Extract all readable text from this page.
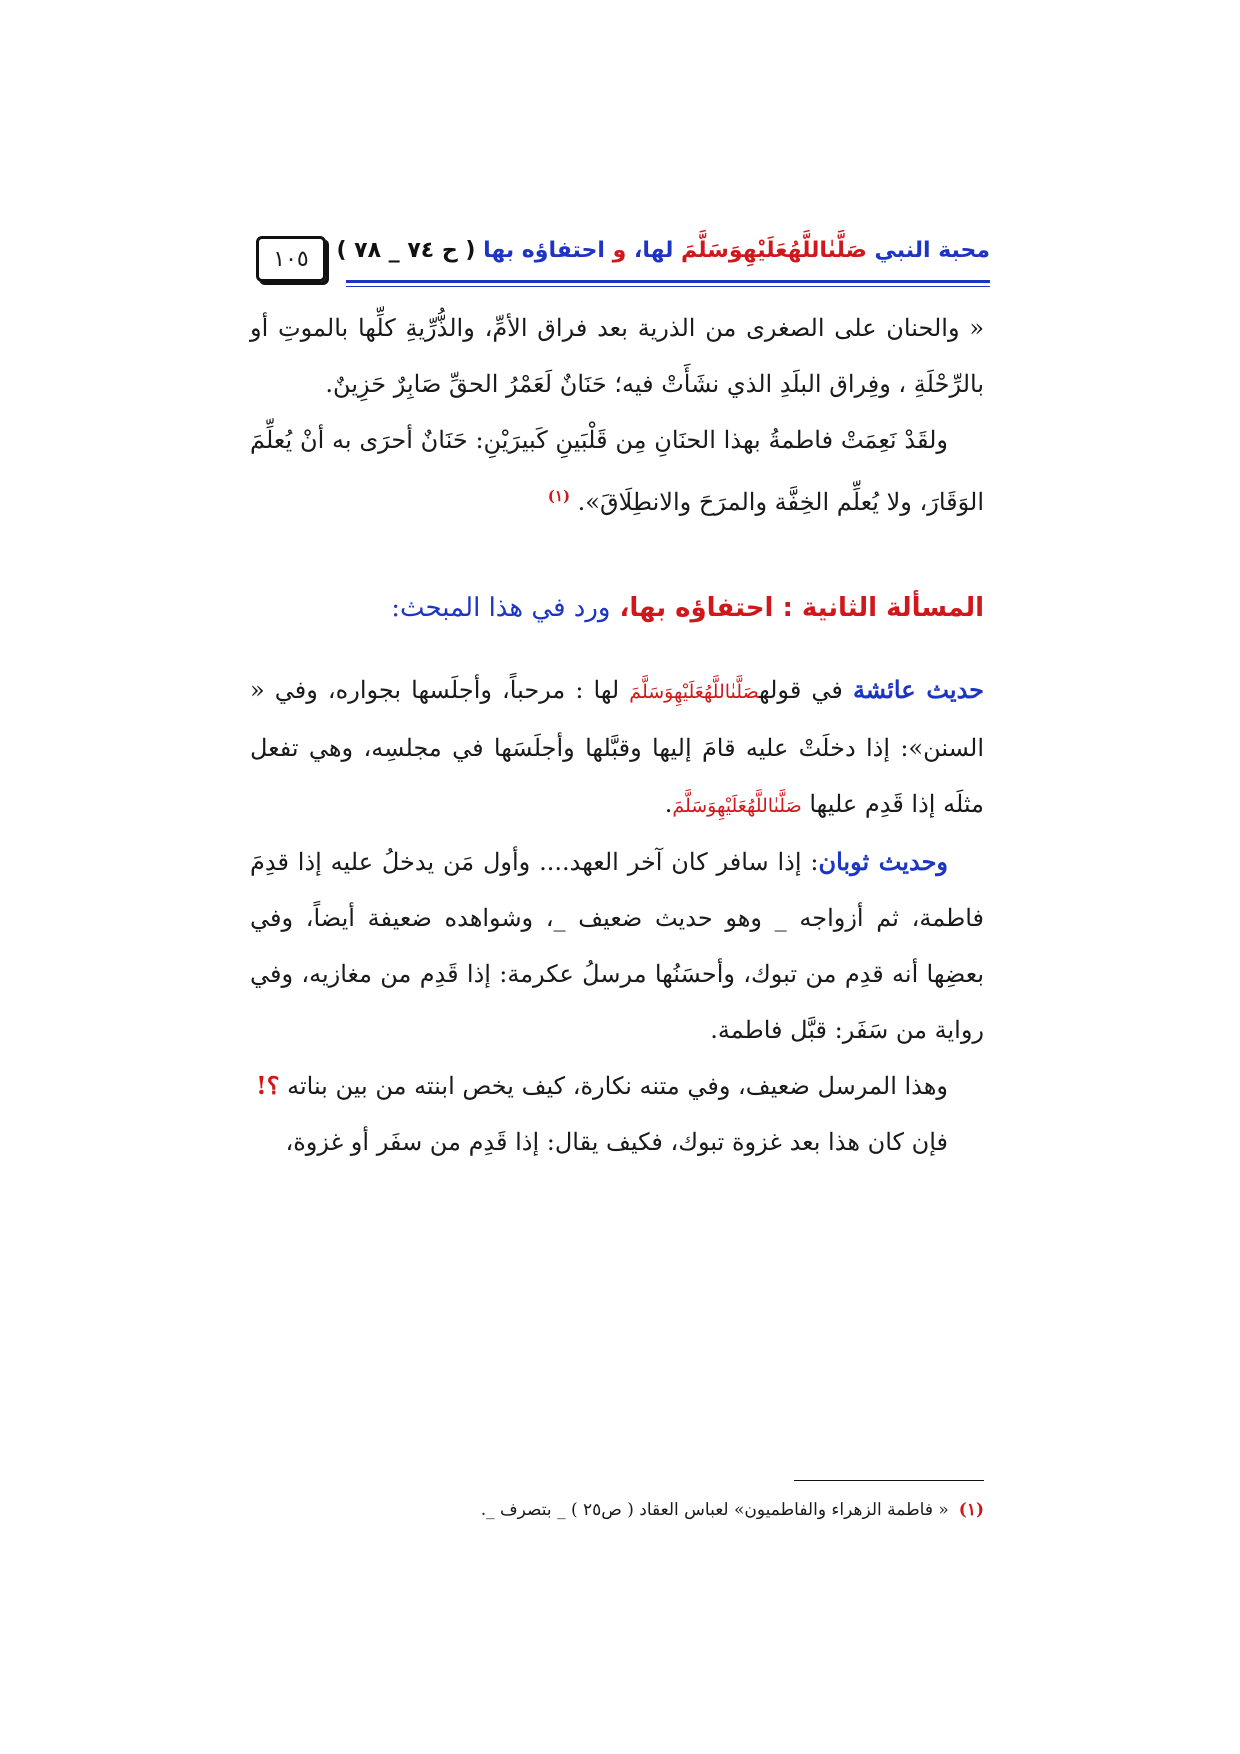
١٠٥	محبة النبي صَلَّىٰاللَّهُعَلَيْهِوَسَلَّمَ لها، و احتفاؤه بها ( ح ٧٤ _ ٧٨ )

« والحنان على الصغرى من الذرية بعد فراق الأمِّ، والذُّرِّيةِ كلِّها بالموتِ أو بالرِّحْلَةِ ، وفِراق البلَدِ الذي نشَأَتْ فيه؛ حَنَانٌ لَعَمْرُ الحقِّ صَابِرٌ حَزِينٌ.

ولقَدْ نَعِمَتْ فاطمةُ بهذا الحنَانِ مِن قَلْبَينِ كَبيرَيْنِ: حَنَانٌ أحرَى به أنْ يُعلِّمَ الوَقَارَ، ولا يُعلِّم الخِفَّة والمرَحَ والانطِلَاقَ». $^{(١)}$

المسألة الثانية : احتفاؤه بها، ورد في هذا المبحث:

حديث عائشة في قولهصَلَّىٰاللَّهُعَلَيْهِوَسَلَّمَ لها : مرحباً، وأجلَسها بجواره، وفي « السنن»: إذا دخلَتْ عليه قامَ إليها وقبَّلها وأجلَسَها في مجلسِه، وهي تفعل مثلَه إذا قَدِم عليها صَلَّىٰاللَّهُعَلَيْهِوَسَلَّمَ.

وحديث ثوبان: إذا سافر كان آخر العهد.... وأول مَن يدخلُ عليه إذا قدِمَ فاطمة، ثم أزواجه _ وهو حديث ضعيف _، وشواهده ضعيفة أيضاً، وفي بعضِها أنه قدِم من تبوك، وأحسَنُها مرسلُ عكرمة: إذا قَدِم من مغازيه، وفي رواية من سَفَر: قبَّل فاطمة.

وهذا المرسل ضعيف، وفي متنه نكارة، كيف يخص ابنته من بين بناته ؟!

فإن كان هذا بعد غزوة تبوك، فكيف يقال: إذا قَدِم من سفَر أو غزوة،

(١)« فاطمة الزهراء والفاطميون» لعباس العقاد ( ص٢٥ ) _ بتصرف _.
